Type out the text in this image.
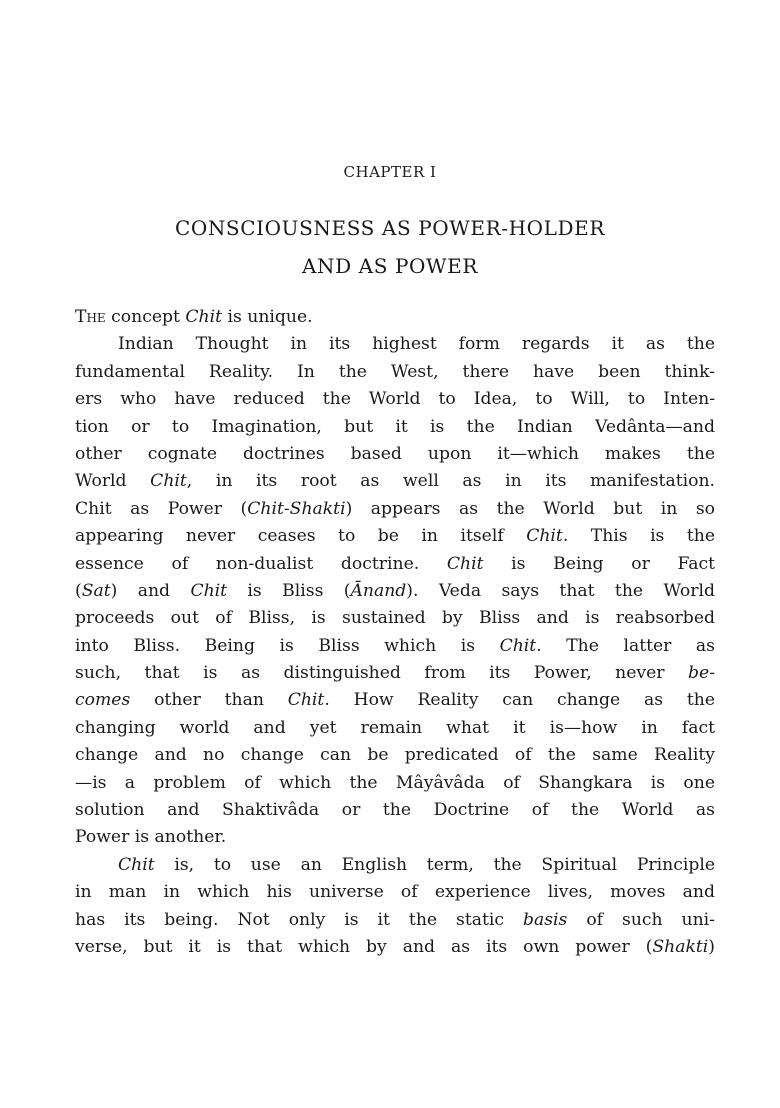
CHAPTER I
CONSCIOUSNESS AS POWER-HOLDER
AND AS POWER
The concept Chit is unique.
Indian Thought in its highest form regards it as the
fundamental Reality. In the West, there have been think-
ers who have reduced the World to Idea, to Will, to Inten-
tion or to Imagination, but it is the Indian Vedânta—and
other cognate doctrines based upon it—which makes the
World Chit, in its root as well as in its manifestation.
Chit as Power (Chit-Shakti) appears as the World but in so
appearing never ceases to be in itself Chit. This is the
essence of non-dualist doctrine. Chit is Being or Fact
(Sat) and Chit is Bliss (Ānand). Veda says that the World
proceeds out of Bliss, is sustained by Bliss and is reabsorbed
into Bliss. Being is Bliss which is Chit. The latter as
such, that is as distinguished from its Power, never be-
comes other than Chit. How Reality can change as the
changing world and yet remain what it is—how in fact
change and no change can be predicated of the same Reality
—is a problem of which the Mâyâvâda of Shangkara is one
solution and Shaktivâda or the Doctrine of the World as
Power is another.
Chit is, to use an English term, the Spiritual Principle
in man in which his universe of experience lives, moves and
has its being. Not only is it the static basis of such uni-
verse, but it is that which by and as its own power (Shakti)
